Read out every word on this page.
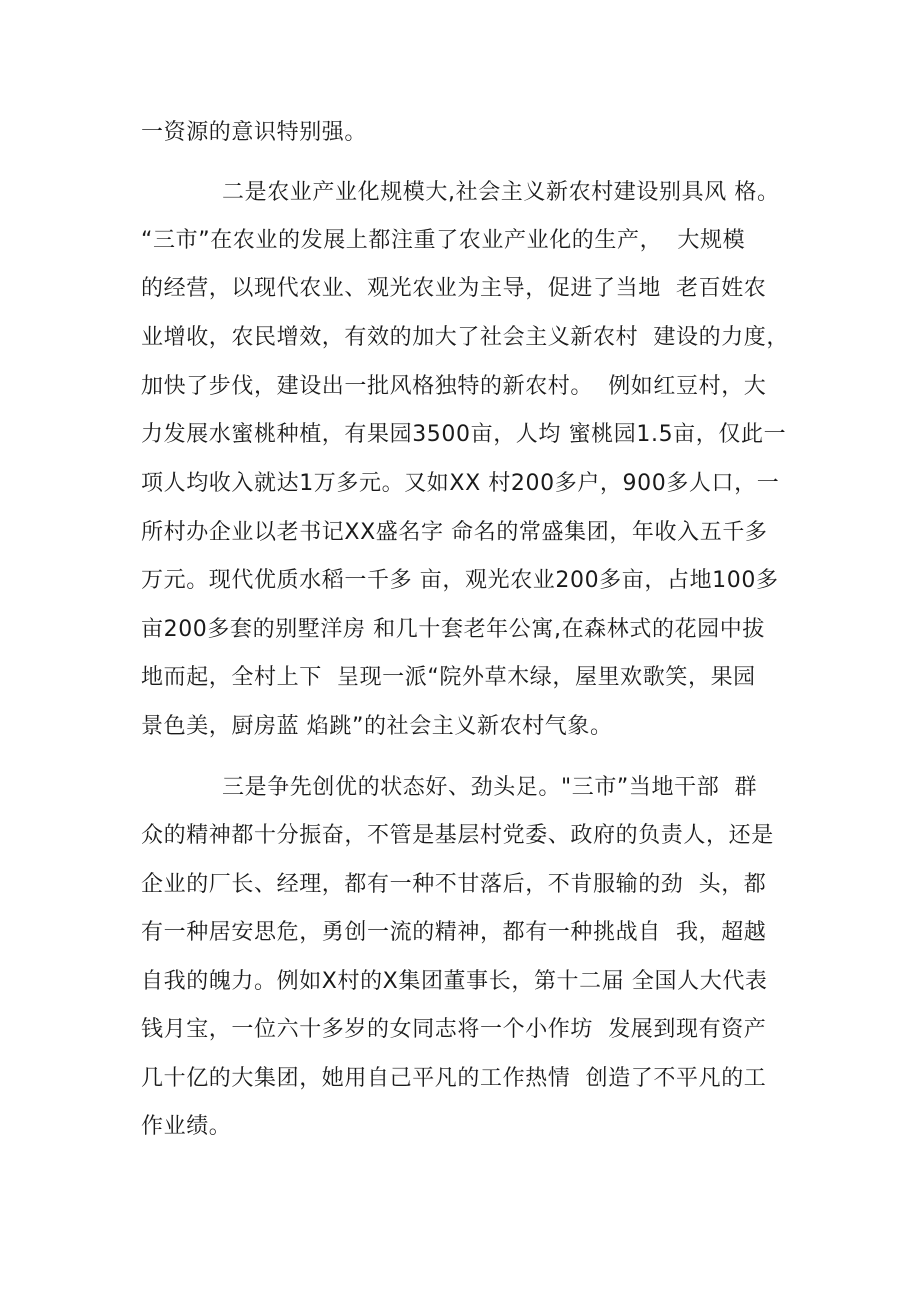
一资源的意识特别强。
二是农业产业化规模大,社会主义新农村建设别具风 格。
“三市”在农业的发展上都注重了农业产业化的生产，  大规模
的经营，以现代农业、观光农业为主导，促进了当地  老百姓农
业增收，农民增效，有效的加大了社会主义新农村  建设的力度，
加快了步伐，建设出一批风格独特的新农村。  例如红豆村，大
力发展水蜜桃种植，有果园3500亩，人均 蜜桃园1.5亩，仅此一
项人均收入就达1万多元。又如XX 村200多户，900多人口，一
所村办企业以老书记XX盛名字 命名的常盛集团，年收入五千多
万元。现代优质水稻一千多 亩，观光农业200多亩，占地100多
亩200多套的别墅洋房 和几十套老年公寓,在森林式的花园中拔
地而起，全村上下  呈现一派“院外草木绿，屋里欢歌笑，果园
景色美，厨房蓝 焰跳”的社会主义新农村气象。
三是争先创优的状态好、劲头足。"三市”当地干部  群
众的精神都十分振奋，不管是基层村党委、政府的负责人，还是
企业的厂长、经理，都有一种不甘落后，不肯服输的劲  头，都
有一种居安思危，勇创一流的精神，都有一种挑战自  我，超越
自我的魄力。例如X村的X集团董事长，第十二届 全国人大代表
钱月宝，一位六十多岁的女同志将一个小作坊  发展到现有资产
几十亿的大集团，她用自己平凡的工作热情  创造了不平凡的工
作业绩。
